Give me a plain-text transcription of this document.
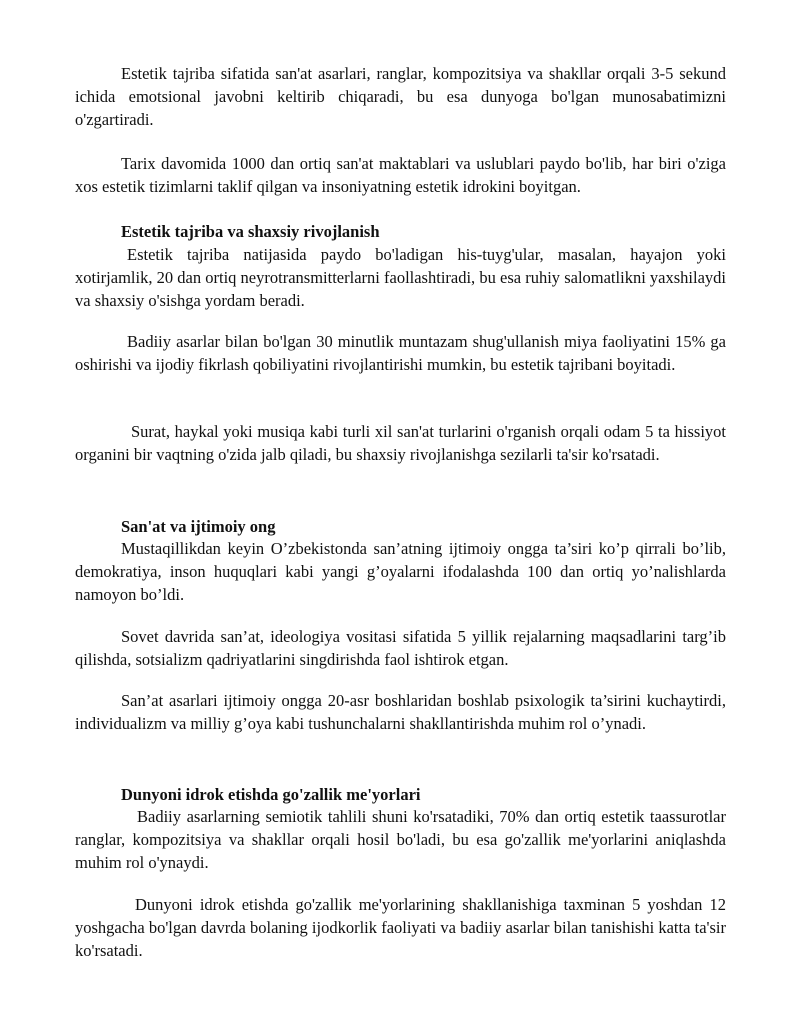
Estetik tajriba sifatida san'at asarlari, ranglar, kompozitsiya va shakllar orqali 3-5 sekund ichida emotsional javobni keltirib chiqaradi, bu esa dunyoga bo'lgan munosabatimizni o'zgartiradi.

Tarix davomida 1000 dan ortiq san'at maktablari va uslublari paydo bo'lib, har biri o'ziga xos estetik tizimlarni taklif qilgan va insoniyatning estetik idrokini boyitgan.

Estetik tajriba va shaxsiy rivojlanish

Estetik tajriba natijasida paydo bo'ladigan his-tuyg'ular, masalan, hayajon yoki xotirjamlik, 20 dan ortiq neyrotransmitterlarni faollashtiradi, bu esa ruhiy salomatlikni yaxshilaydi va shaxsiy o'sishga yordam beradi.

Badiiy asarlar bilan bo'lgan 30 minutlik muntazam shug'ullanish miya faoliyatini 15% ga oshirishi va ijodiy fikrlash qobiliyatini rivojlantirishi mumkin, bu estetik tajribani boyitadi.

Surat, haykal yoki musiqa kabi turli xil san'at turlarini o'rganish orqali odam 5 ta hissiyot organini bir vaqtning o'zida jalb qiladi, bu shaxsiy rivojlanishga sezilarli ta'sir ko'rsatadi.

San'at va ijtimoiy ong

Mustaqillikdan keyin O’zbekistonda san’atning ijtimoiy ongga ta’siri ko’p qirrali bo’lib, demokratiya, inson huquqlari kabi yangi g’oyalarni ifodalashda 100 dan ortiq yo’nalishlarda namoyon bo’ldi.

Sovet davrida san’at, ideologiya vositasi sifatida 5 yillik rejalarning maqsadlarini targ’ib qilishda, sotsializm qadriyatlarini singdirishda faol ishtirok etgan.

San’at asarlari ijtimoiy ongga 20-asr boshlaridan boshlab psixologik ta’sirini kuchaytirdi, individualizm va milliy g’oya kabi tushunchalarni shakllantirishda muhim rol o’ynadi.

Dunyoni idrok etishda go'zallik me'yorlari

Badiiy asarlarning semiotik tahlili shuni ko'rsatadiki, 70% dan ortiq estetik taassurotlar ranglar, kompozitsiya va shakllar orqali hosil bo'ladi, bu esa go'zallik me'yorlarini aniqlashda muhim rol o'ynaydi.

Dunyoni idrok etishda go'zallik me'yorlarining shakllanishiga taxminan 5 yoshdan 12 yoshgacha bo'lgan davrda bolaning ijodkorlik faoliyati va badiiy asarlar bilan tanishishi katta ta'sir ko'rsatadi.
